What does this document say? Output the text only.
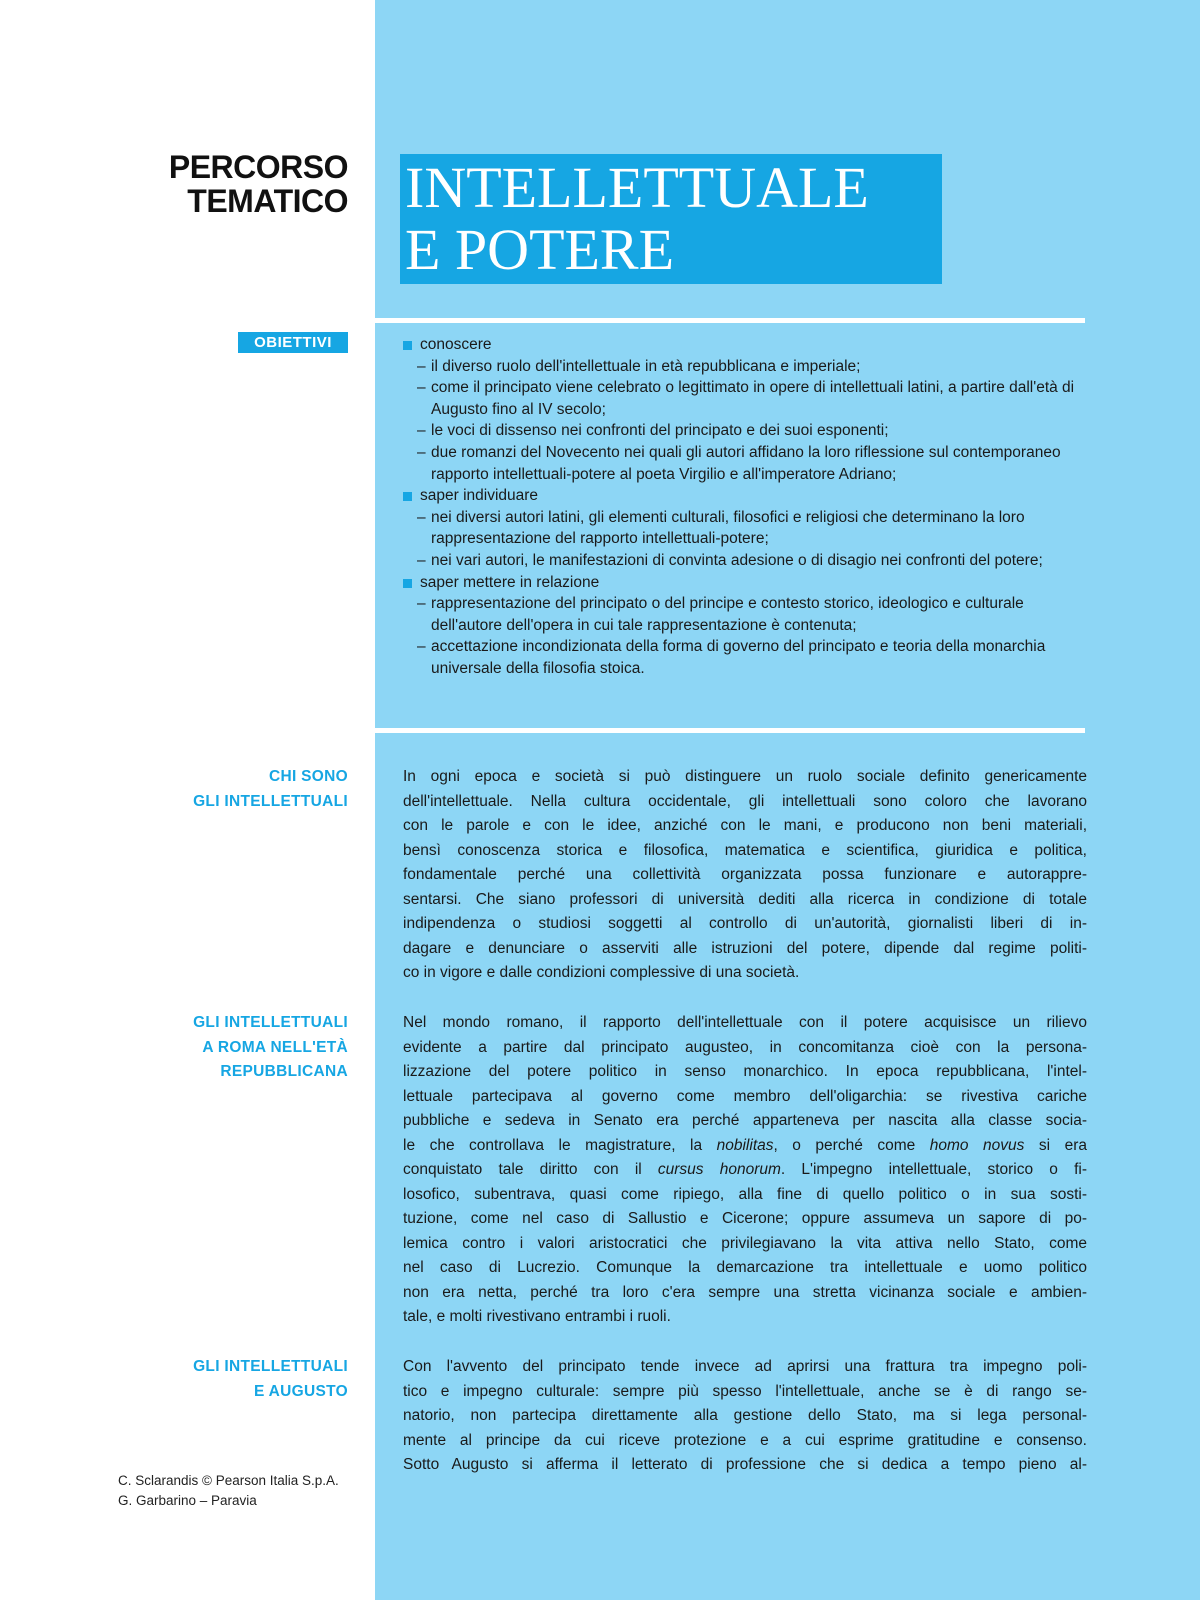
PERCORSO
TEMATICO INTELLETTUALE
E POTERE
OBIETTIVI	conoscere
– il diverso ruolo dell'intellettuale in età repubblicana e imperiale;
– come il principato viene celebrato o legittimato in opere di intellettuali latini, a partire dall'età di Augusto fino al IV secolo;
– le voci di dissenso nei confronti del principato e dei suoi esponenti;
– due romanzi del Novecento nei quali gli autori affidano la loro riflessione sul contemporaneo rapporto intellettuali-potere al poeta Virgilio e all'imperatore Adriano;
saper individuare
– nei diversi autori latini, gli elementi culturali, filosofici e religiosi che determinano la loro rappresentazione del rapporto intellettuali-potere;
– nei vari autori, le manifestazioni di convinta adesione o di disagio nei confronti del potere;
saper mettere in relazione
– rappresentazione del principato o del principe e contesto storico, ideologico e culturale dell'autore dell'opera in cui tale rappresentazione è contenuta;
– accettazione incondizionata della forma di governo del principato e teoria della monarchia universale della filosofia stoica.
CHI SONO
GLI INTELLETTUALI
In ogni epoca e società si può distinguere un ruolo sociale definito genericamente
dell'intellettuale. Nella cultura occidentale, gli intellettuali sono coloro che lavorano
con le parole e con le idee, anziché con le mani, e producono non beni materiali,
bensì conoscenza storica e filosofica, matematica e scientifica, giuridica e politica,
fondamentale perché una collettività organizzata possa funzionare e autorappre-
sentarsi. Che siano professori di università dediti alla ricerca in condizione di totale
indipendenza o studiosi soggetti al controllo di un'autorità, giornalisti liberi di in-
dagare e denunciare o asserviti alle istruzioni del potere, dipende dal regime politi-
co in vigore e dalle condizioni complessive di una società.
GLI INTELLETTUALI
A ROMA NELL'ETÀ
REPUBBLICANA
Nel mondo romano, il rapporto dell'intellettuale con il potere acquisisce un rilievo
evidente a partire dal principato augusteo, in concomitanza cioè con la persona-
lizzazione del potere politico in senso monarchico. In epoca repubblicana, l'intel-
lettuale partecipava al governo come membro dell'oligarchia: se rivestiva cariche
pubbliche e sedeva in Senato era perché apparteneva per nascita alla classe socia-
le che controllava le magistrature, la nobilitas, o perché come homo novus si era
conquistato tale diritto con il cursus honorum. L'impegno intellettuale, storico o fi-
losofico, subentrava, quasi come ripiego, alla fine di quello politico o in sua sosti-
tuzione, come nel caso di Sallustio e Cicerone; oppure assumeva un sapore di po-
lemica contro i valori aristocratici che privilegiavano la vita attiva nello Stato, come
nel caso di Lucrezio. Comunque la demarcazione tra intellettuale e uomo politico
non era netta, perché tra loro c'era sempre una stretta vicinanza sociale e ambien-
tale, e molti rivestivano entrambi i ruoli.
GLI INTELLETTUALI
E AUGUSTO
Con l'avvento del principato tende invece ad aprirsi una frattura tra impegno poli-
tico e impegno culturale: sempre più spesso l'intellettuale, anche se è di rango se-
natorio, non partecipa direttamente alla gestione dello Stato, ma si lega personal-
mente al principe da cui riceve protezione e a cui esprime gratitudine e consenso.
Sotto Augusto si afferma il letterato di professione che si dedica a tempo pieno al-
C. Sclarandis © Pearson Italia S.p.A.
G. Garbarino – Paravia
